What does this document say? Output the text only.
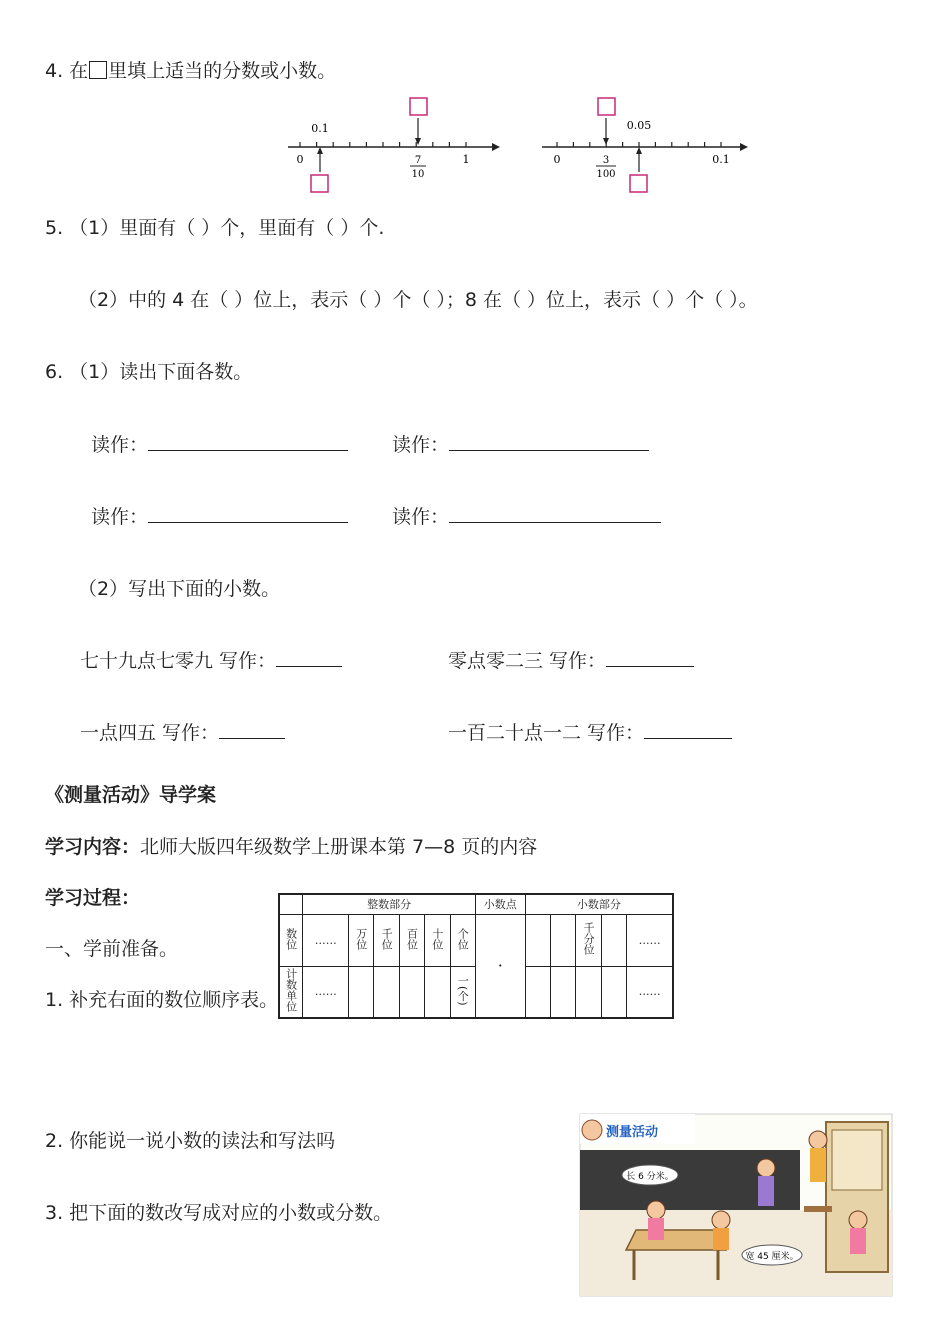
4. 在 里填上适当的分数或小数。
0	1
0.1
7
10
0	0.1
0.05
3
100
5. （1）里面有（ ）个，里面有（ ）个.
（2）中的 4 在（ ）位上，表示（ ）个（ ）；8 在（ ）位上，表示（ ）个（ ）。
6. （1）读出下面各数。
读作：	读作：
读作：	读作：
（2）写出下面的小数。
七十九点七零九 写作：	零点零二三 写作：
一点四五 写作：	一百二十点一二 写作：
《测量活动》导学案
学习内容：北师大版四年级数学上册课本第 7—8 页的内容
学习过程：
一、学前准备。
	整数部分						小数点	小数部分				
数位	……	万位	千位	百位	十位	个位	·			千分位		……
计数单位	……					一(个)						……
1. 补充右面的数位顺序表。
2. 你能说一说小数的读法和写法吗
3. 把下面的数改写成对应的小数或分数。
测量活动
长 6 分米。
宽 45 厘米。
